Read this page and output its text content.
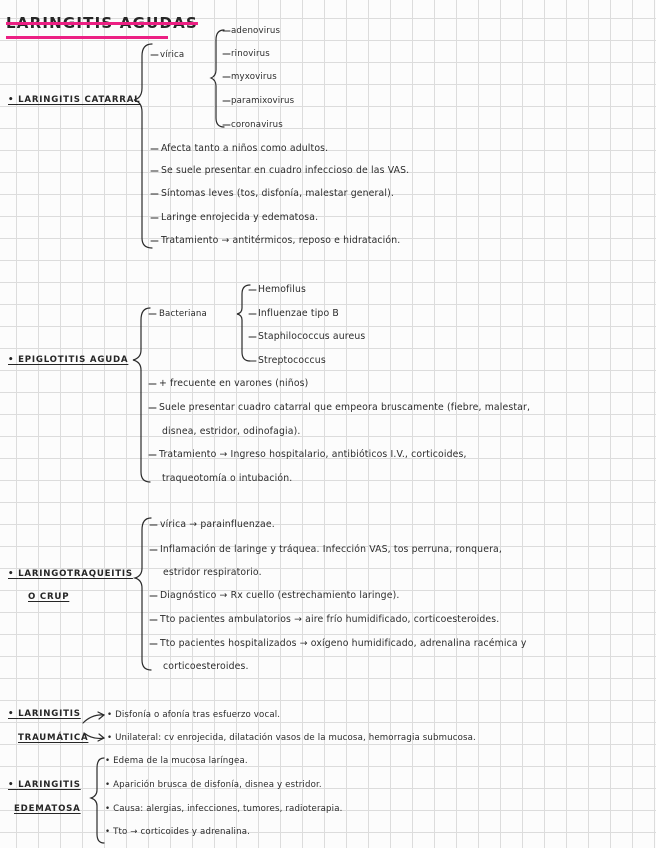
LARINGITIS AGUDAS
• LARINGITIS CATARRAL
vírica
adenovirus
rinovirus
myxovirus
paramixovirus
coronavirus
Afecta tanto a niños como adultos.
Se suele presentar en cuadro infeccioso de las VAS.
Síntomas leves (tos, disfonía, malestar general).
Laringe enrojecida y edematosa.
Tratamiento → antitérmicos, reposo e hidratación.
• EPIGLOTITIS AGUDA
Bacteriana
Hemofilus
Influenzae tipo B
Staphilococcus aureus
Streptococcus
+ frecuente en varones (niños)
Suele presentar cuadro catarral que empeora bruscamente (fiebre, malestar,
disnea, estridor, odinofagia).
Tratamiento → Ingreso hospitalario, antibióticos I.V., corticoides,
traqueotomía o intubación.
• LARINGOTRAQUEITIS
O CRUP
vírica → parainfluenzae.
Inflamación de laringe y tráquea. Infección VAS, tos perruna, ronquera,
estridor respiratorio.
Diagnóstico → Rx cuello (estrechamiento laringe).
Tto pacientes ambulatorios → aire frío humidificado, corticoesteroides.
Tto pacientes hospitalizados → oxígeno humidificado, adrenalina racémica y
corticoesteroides.
• LARINGITIS
TRAUMÁTICA
• Disfonía o afonía tras esfuerzo vocal.
• Unilateral: cv enrojecida, dilatación vasos de la mucosa, hemorragia submucosa.
• LARINGITIS
EDEMATOSA
• Edema de la mucosa laríngea.
• Aparición brusca de disfonía, disnea y estridor.
• Causa: alergias, infecciones, tumores, radioterapia.
• Tto → corticoides y adrenalina.
